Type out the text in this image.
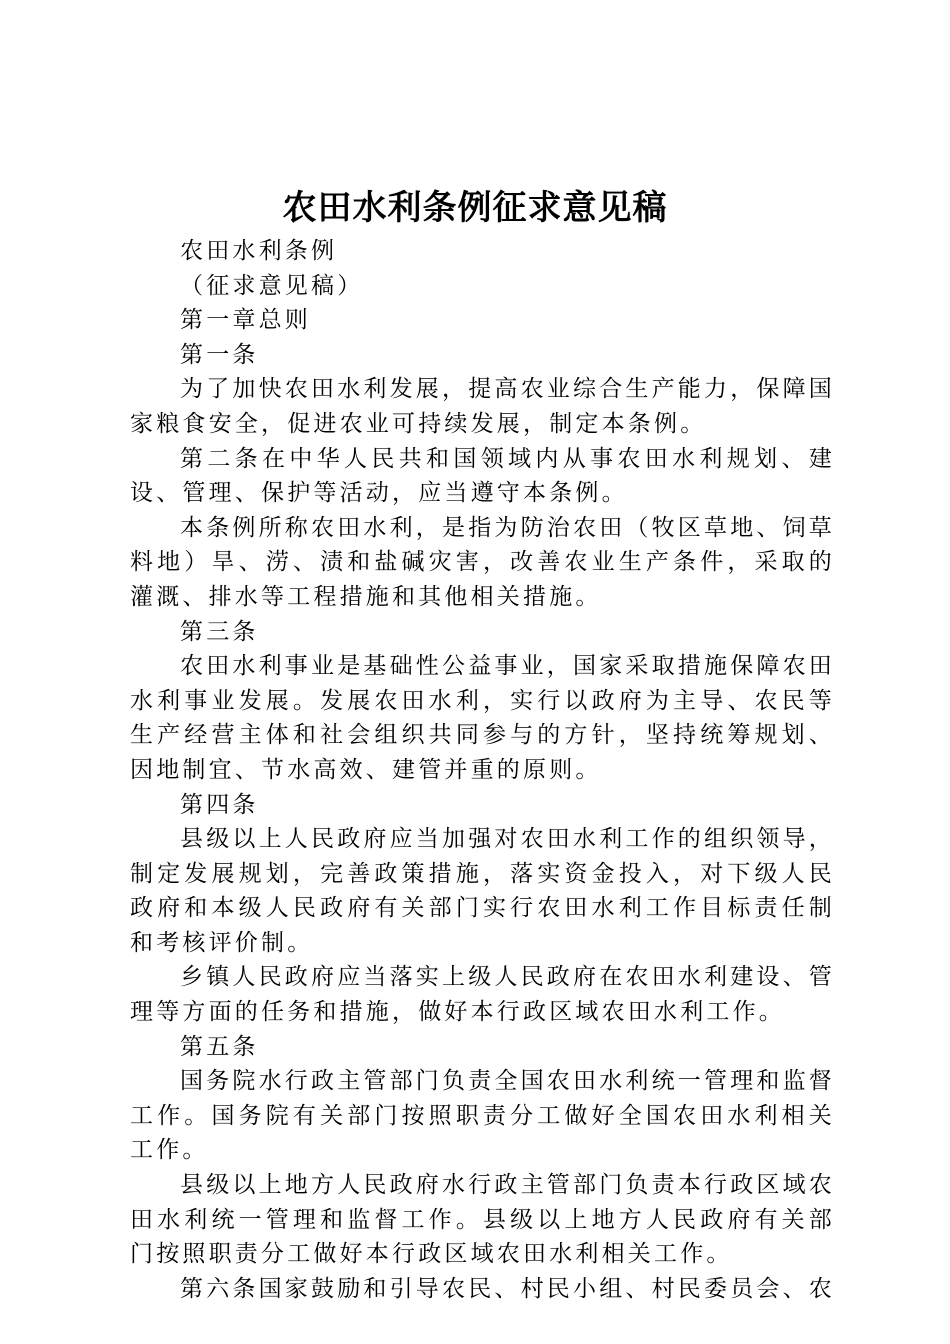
农田水利条例征求意见稿

农田水利条例

（征求意见稿）

第一章总则

第一条

为了加快农田水利发展，提高农业综合生产能力，保障国家粮食安全，促进农业可持续发展，制定本条例。

第二条在中华人民共和国领域内从事农田水利规划、建设、管理、保护等活动，应当遵守本条例。

本条例所称农田水利，是指为防治农田（牧区草地、饲草料地）旱、涝、渍和盐碱灾害，改善农业生产条件，采取的灌溉、排水等工程措施和其他相关措施。

第三条

农田水利事业是基础性公益事业，国家采取措施保障农田水利事业发展。发展农田水利，实行以政府为主导、农民等生产经营主体和社会组织共同参与的方针，坚持统筹规划、因地制宜、节水高效、建管并重的原则。

第四条

县级以上人民政府应当加强对农田水利工作的组织领导，制定发展规划，完善政策措施，落实资金投入，对下级人民政府和本级人民政府有关部门实行农田水利工作目标责任制和考核评价制。

乡镇人民政府应当落实上级人民政府在农田水利建设、管理等方面的任务和措施，做好本行政区域农田水利工作。

第五条

国务院水行政主管部门负责全国农田水利统一管理和监督工作。国务院有关部门按照职责分工做好全国农田水利相关工作。

县级以上地方人民政府水行政主管部门负责本行政区域农田水利统一管理和监督工作。县级以上地方人民政府有关部门按照职责分工做好本行政区域农田水利相关工作。

第六条国家鼓励和引导农民、村民小组、村民委员会、农
